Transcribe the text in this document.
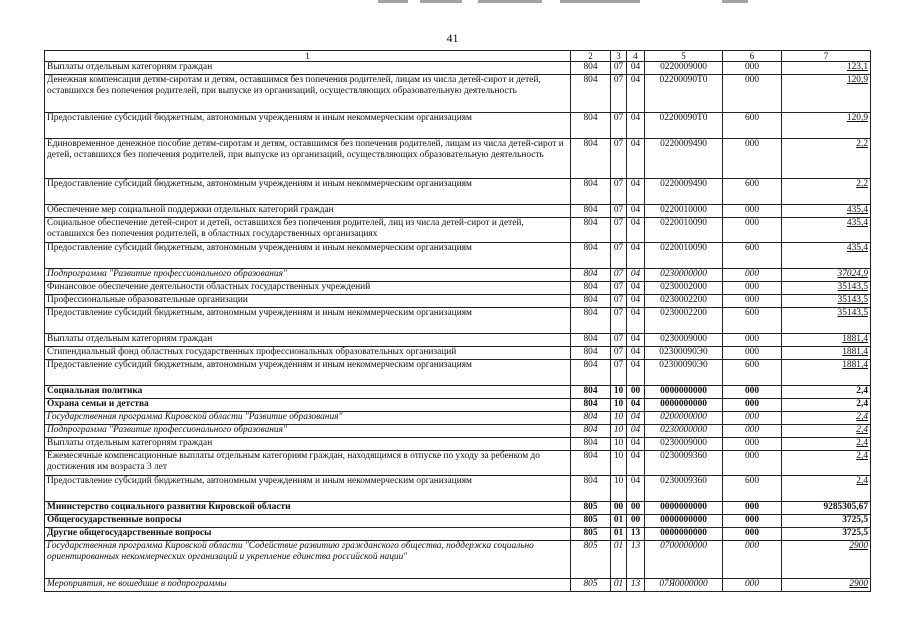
41
1	2	3	4	5	6	7
Выплаты отдельным категориям граждан	804	07	04	0220009000	000	123,1
Денежная компенсация детям-сиротам и детям, оставшимся без попечения родителей, лицам из числа детей-сирот и детей, оставшихся без попечения родителей, при выпуске из организаций, осуществляющих образовательную деятельность	804	07	04	02200090Т0	000	120,9
Предоставление субсидий бюджетным, автономным учреждениям и иным некоммерческим организациям	804	07	04	02200090Т0	600	120,9
Единовременное денежное пособие детям-сиротам и детям, оставшимся без попечения родителей, лицам из числа детей-сирот и детей, оставшихся без попечения родителей, при выпуске из организаций, осуществляющих образовательную деятельность	804	07	04	0220009490	000	2,2
Предоставление субсидий бюджетным, автономным учреждениям и иным некоммерческим организациям	804	07	04	0220009490	600	2,2
Обеспечение мер социальной поддержки отдельных категорий граждан	804	07	04	0220010000	000	435,4
Социальное обеспечение детей-сирот и детей, оставшихся без попечения родителей, лиц из числа детей-сирот и детей, оставшихся без попечения родителей, в областных государственных организациях	804	07	04	0220010090	000	435,4
Предоставление субсидий бюджетным, автономным учреждениям и иным некоммерческим организациям	804	07	04	0220010090	600	435,4
Подпрограмма "Развитие профессионального образования"	804	07	04	0230000000	000	37024,9
Финансовое обеспечение деятельности областных государственных учреждений	804	07	04	0230002000	000	35143,5
Профессиональные образовательные организации	804	07	04	0230002200	000	35143,5
Предоставление субсидий бюджетным, автономным учреждениям и иным некоммерческим организациям	804	07	04	0230002200	600	35143,5
Выплаты отдельным категориям граждан	804	07	04	0230009000	000	1881,4
Стипендиальный фонд областных государственных профессиональных образовательных организаций	804	07	04	02300090Э0	000	1881,4
Предоставление субсидий бюджетным, автономным учреждениям и иным некоммерческим организациям	804	07	04	02300090Э0	600	1881,4
Социальная политика	804	10	00	0000000000	000	2,4
Охрана семьи и детства	804	10	04	0000000000	000	2,4
Государственная программа Кировской области "Развитие образования"	804	10	04	0200000000	000	2,4
Подпрограмма "Развитие профессионального образования"	804	10	04	0230000000	000	2,4
Выплаты отдельным категориям граждан	804	10	04	0230009000	000	2,4
Ежемесячные компенсационные выплаты отдельным категориям граждан, находящимся в отпуске по уходу за ребенком до достижения им возраста 3 лет	804	10	04	0230009360	000	2,4
Предоставление субсидий бюджетным, автономным учреждениям и иным некоммерческим организациям	804	10	04	0230009360	600	2,4
Министерство социального развития Кировской области	805	00	00	0000000000	000	9285305,67
Общегосударственные вопросы	805	01	00	0000000000	000	3725,5
Другие общегосударственные вопросы	805	01	13	0000000000	000	3725,5
Государственная программа Кировской области "Содействие развитию гражданского общества, поддержка социально ориентированных некоммерческих организаций и укрепление единства российской нации"	805	01	13	0700000000	000	2900
Мероприятия, не вошедшие в подпрограммы	805	01	13	07Я0000000	000	2900
